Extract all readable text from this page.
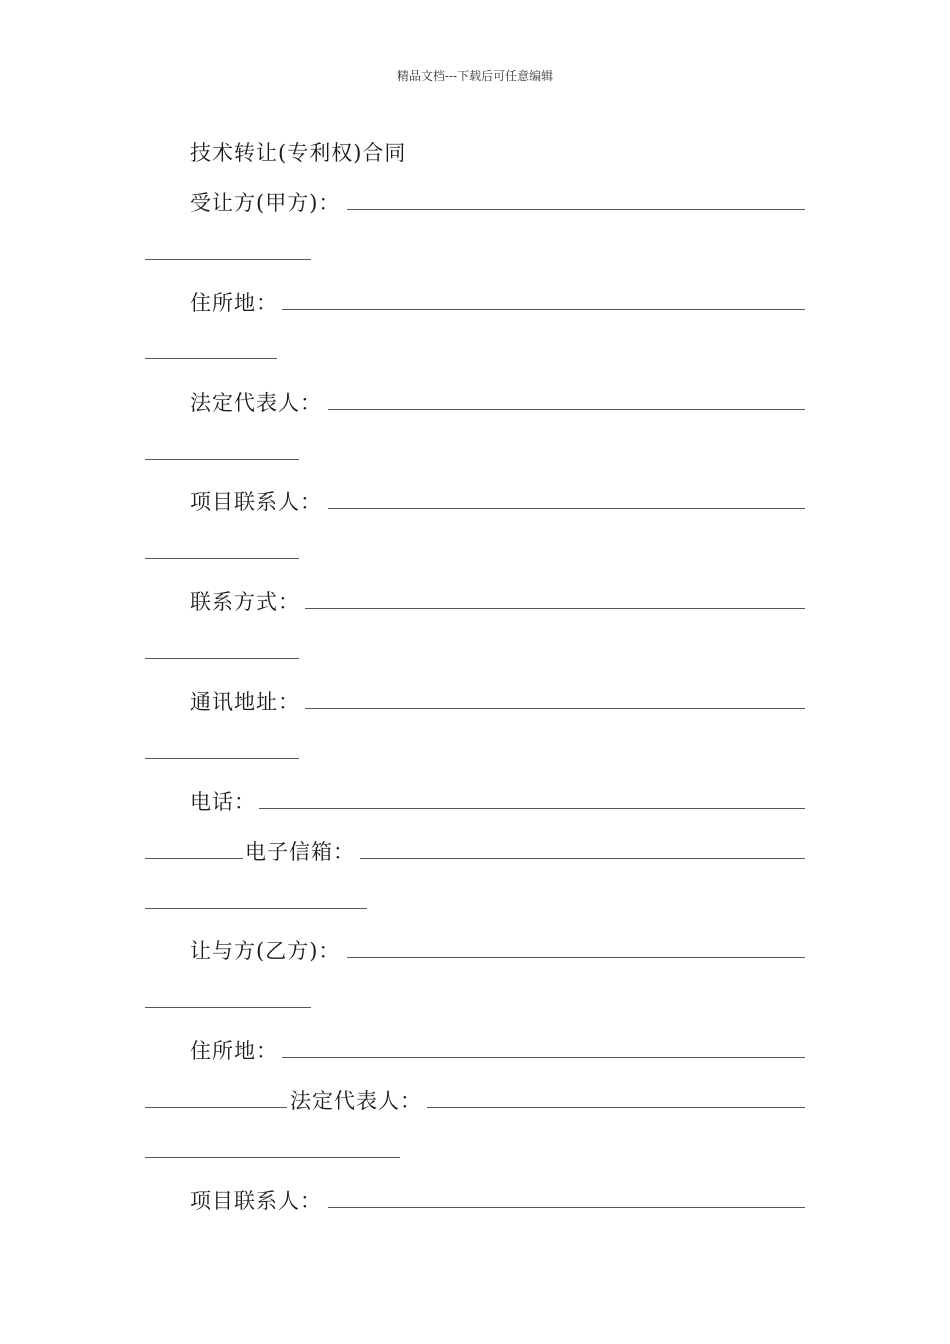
精品文档---下载后可任意编辑
技术转让(专利权)合同
受让方(甲方)：
住所地：
法定代表人：
项目联系人：
联系方式：
通讯地址：
电话：
电子信箱：
让与方(乙方)：
住所地：
法定代表人：
项目联系人：
